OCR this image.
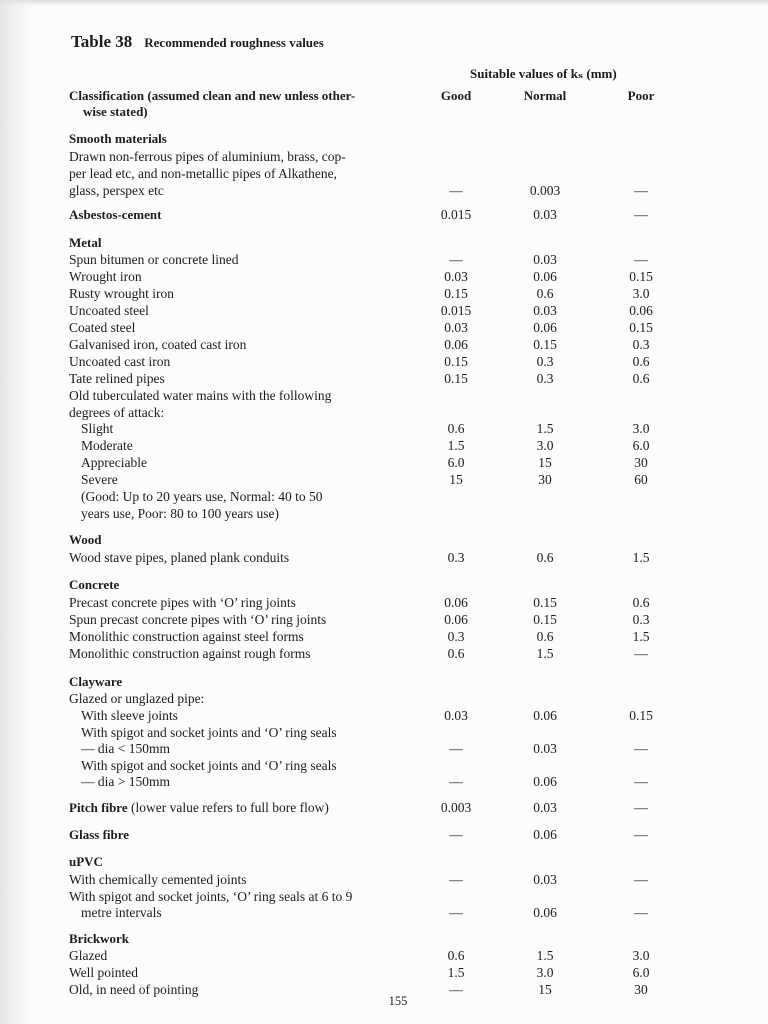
Table 38 Recommended roughness values
Suitable values of kₛ (mm)
Classification (assumed clean and new unless other-
wise stated)
Good	Normal	Poor
Smooth materials
Drawn non-ferrous pipes of aluminium, brass, cop-
per lead etc, and non-metallic pipes of Alkathene,
glass, perspex etc	—	0.003	—
Asbestos-cement	0.015	0.03	—
Metal
Spun bitumen or concrete lined	—	0.03	—
Wrought iron	0.03	0.06	0.15
Rusty wrought iron	0.15	0.6	3.0
Uncoated steel	0.015	0.03	0.06
Coated steel	0.03	0.06	0.15
Galvanised iron, coated cast iron	0.06	0.15	0.3
Uncoated cast iron	0.15	0.3	0.6
Tate relined pipes	0.15	0.3	0.6
Old tuberculated water mains with the following
degrees of attack:
Slight	0.6	1.5	3.0
Moderate	1.5	3.0	6.0
Appreciable	6.0	15	30
Severe	15	30	60
(Good: Up to 20 years use, Normal: 40 to 50
years use, Poor: 80 to 100 years use)
Wood
Wood stave pipes, planed plank conduits	0.3	0.6	1.5
Concrete
Precast concrete pipes with ‘O’ ring joints	0.06	0.15	0.6
Spun precast concrete pipes with ‘O’ ring joints	0.06	0.15	0.3
Monolithic construction against steel forms	0.3	0.6	1.5
Monolithic construction against rough forms	0.6	1.5	—
Clayware
Glazed or unglazed pipe:
With sleeve joints	0.03	0.06	0.15
With spigot and socket joints and ‘O’ ring seals
— dia < 150mm	—	0.03	—
With spigot and socket joints and ‘O’ ring seals
— dia > 150mm	—	0.06	—
Pitch fibre (lower value refers to full bore flow)	0.003	0.03	—
Glass fibre	—	0.06	—
uPVC
With chemically cemented joints	—	0.03	—
With spigot and socket joints, ‘O’ ring seals at 6 to 9
metre intervals	—	0.06	—
Brickwork
Glazed	0.6	1.5	3.0
Well pointed	1.5	3.0	6.0
Old, in need of pointing	—	15	30
155
